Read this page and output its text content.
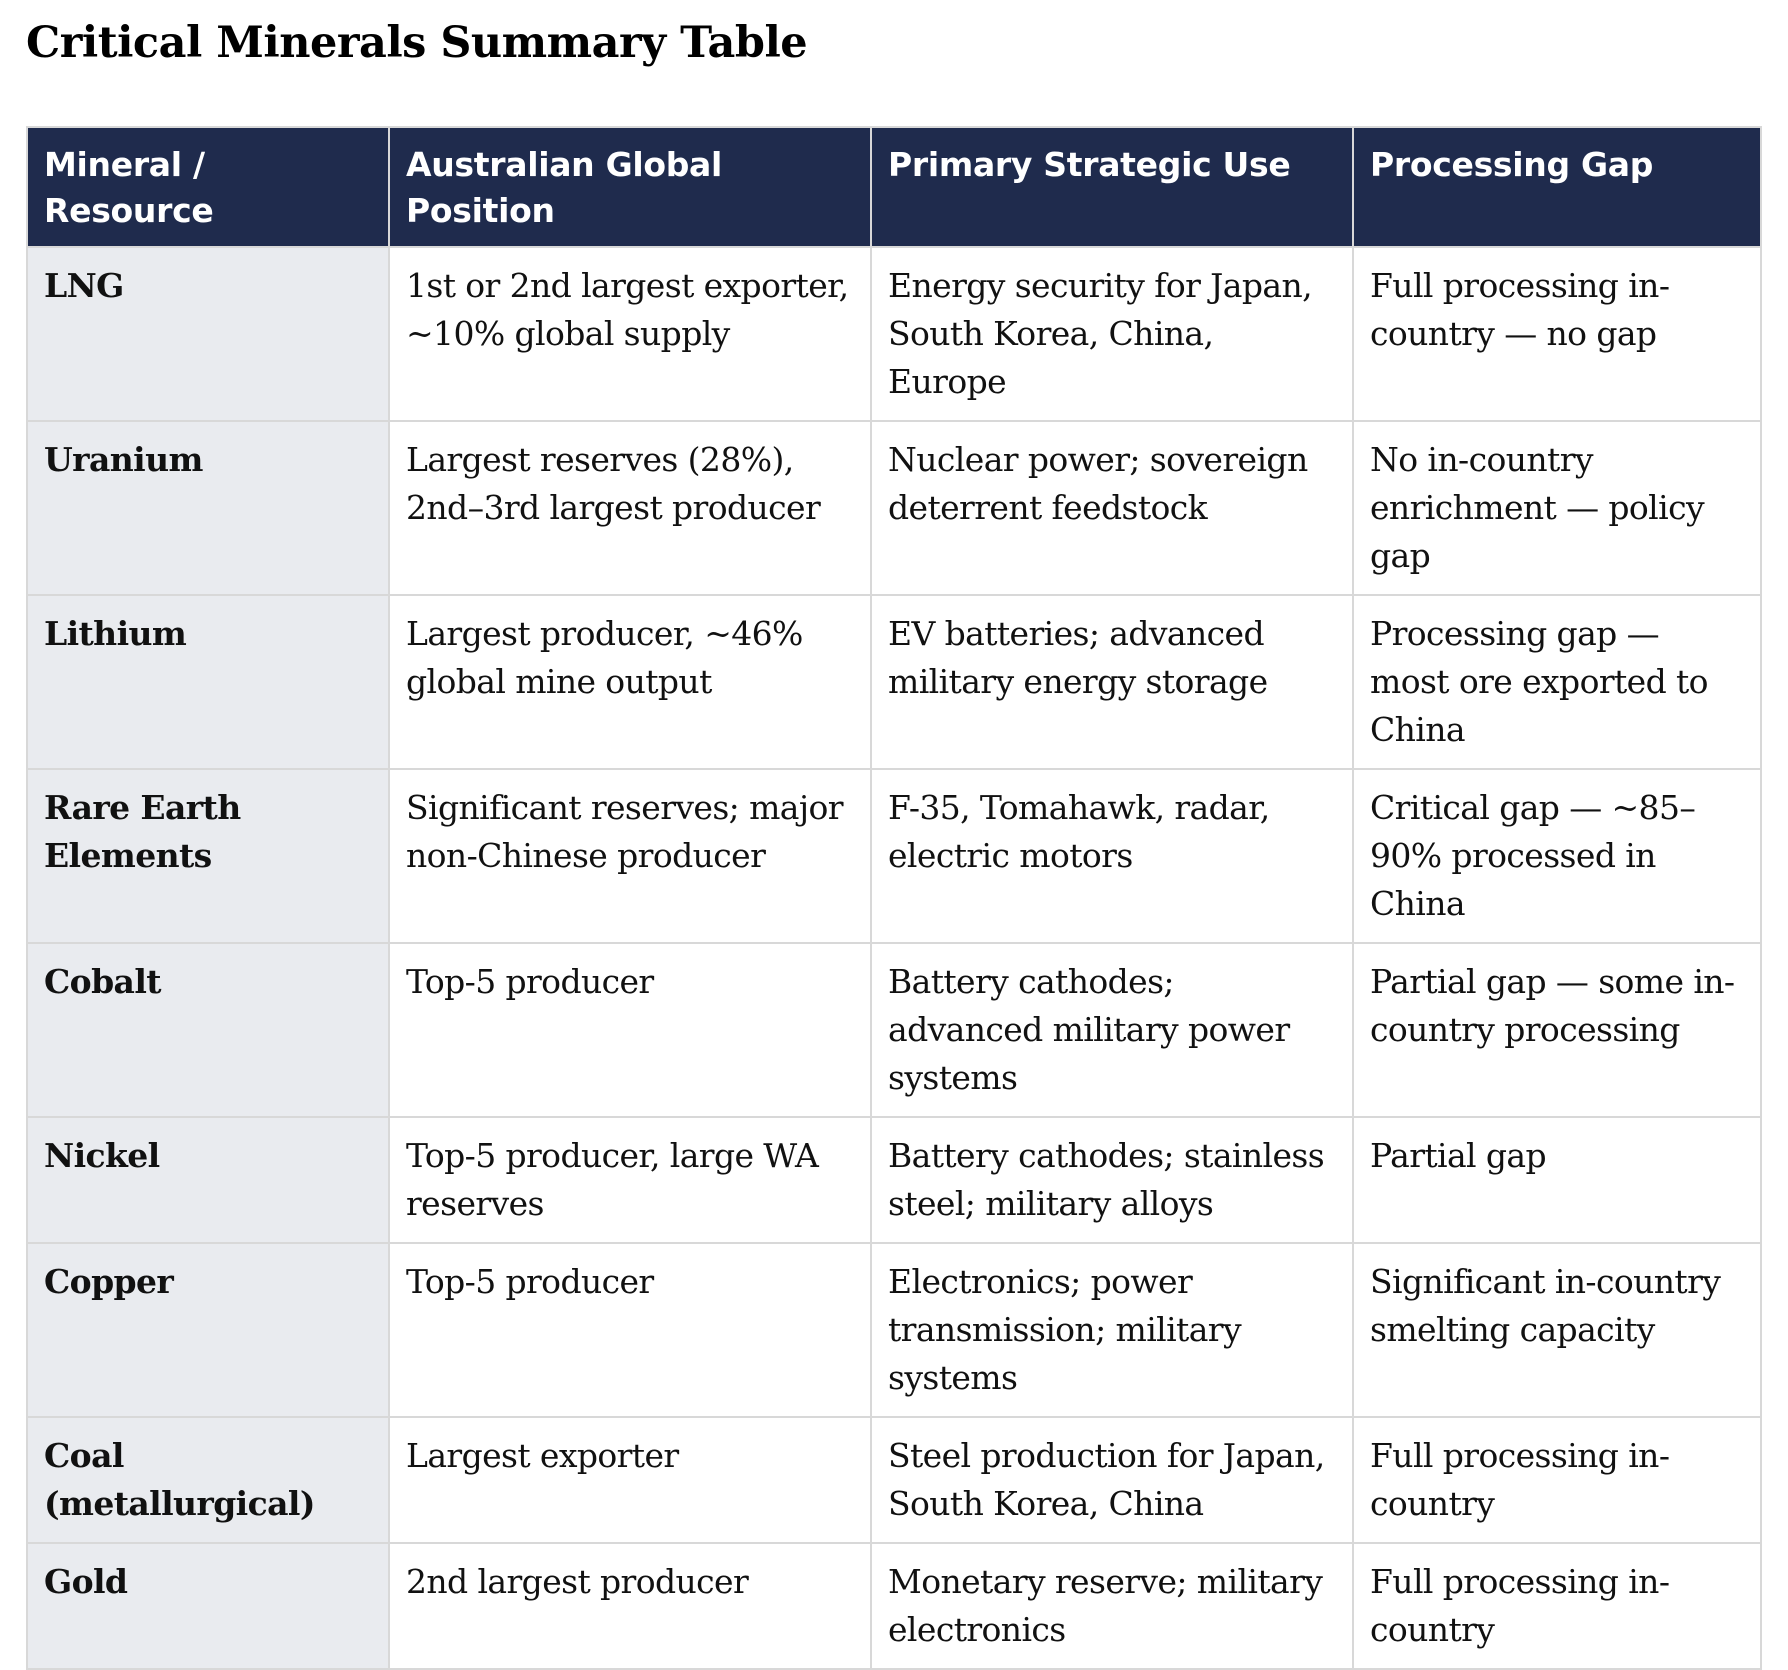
Critical Minerals Summary Table
Mineral / Resource	Australian Global Position	Primary Strategic Use	Processing Gap
LNG	1st or 2nd largest exporter, ~10% global supply	Energy security for Japan, South Korea, China, Europe	Full processing in-country — no gap
Uranium	Largest reserves (28%), 2nd–3rd largest producer	Nuclear power; sovereign deterrent feedstock	No in-country enrichment — policy gap
Lithium	Largest producer, ~46% global mine output	EV batteries; advanced military energy storage	Processing gap — most ore exported to China
Rare Earth Elements	Significant reserves; major non-Chinese producer	F-35, Tomahawk, radar, electric motors	Critical gap — ~85–90% processed in China
Cobalt	Top-5 producer	Battery cathodes; advanced military power systems	Partial gap — some in-country processing
Nickel	Top-5 producer, large WA reserves	Battery cathodes; stainless steel; military alloys	Partial gap
Copper	Top-5 producer	Electronics; power transmission; military systems	Significant in-country smelting capacity
Coal (metallurgical)	Largest exporter	Steel production for Japan, South Korea, China	Full processing in-country
Gold	2nd largest producer	Monetary reserve; military electronics	Full processing in-country
